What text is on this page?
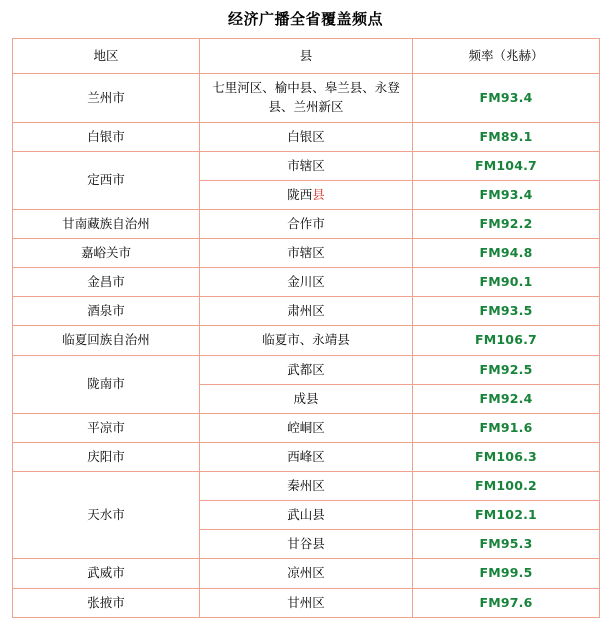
经济广播全省覆盖频点
地区	县	频率（兆赫）
兰州市	七里河区、榆中县、皋兰县、永登县、兰州新区	FM93.4
白银市	白银区	FM89.1
定西市	市辖区	FM104.7
	陇西县	FM93.4
甘南藏族自治州	合作市	FM92.2
嘉峪关市	市辖区	FM94.8
金昌市	金川区	FM90.1
酒泉市	肃州区	FM93.5
临夏回族自治州	临夏市、永靖县	FM106.7
陇南市	武都区	FM92.5
	成县	FM92.4
平凉市	崆峒区	FM91.6
庆阳市	西峰区	FM106.3
天水市	秦州区	FM100.2
	武山县	FM102.1
	甘谷县	FM95.3
武威市	凉州区	FM99.5
张掖市	甘州区	FM97.6
